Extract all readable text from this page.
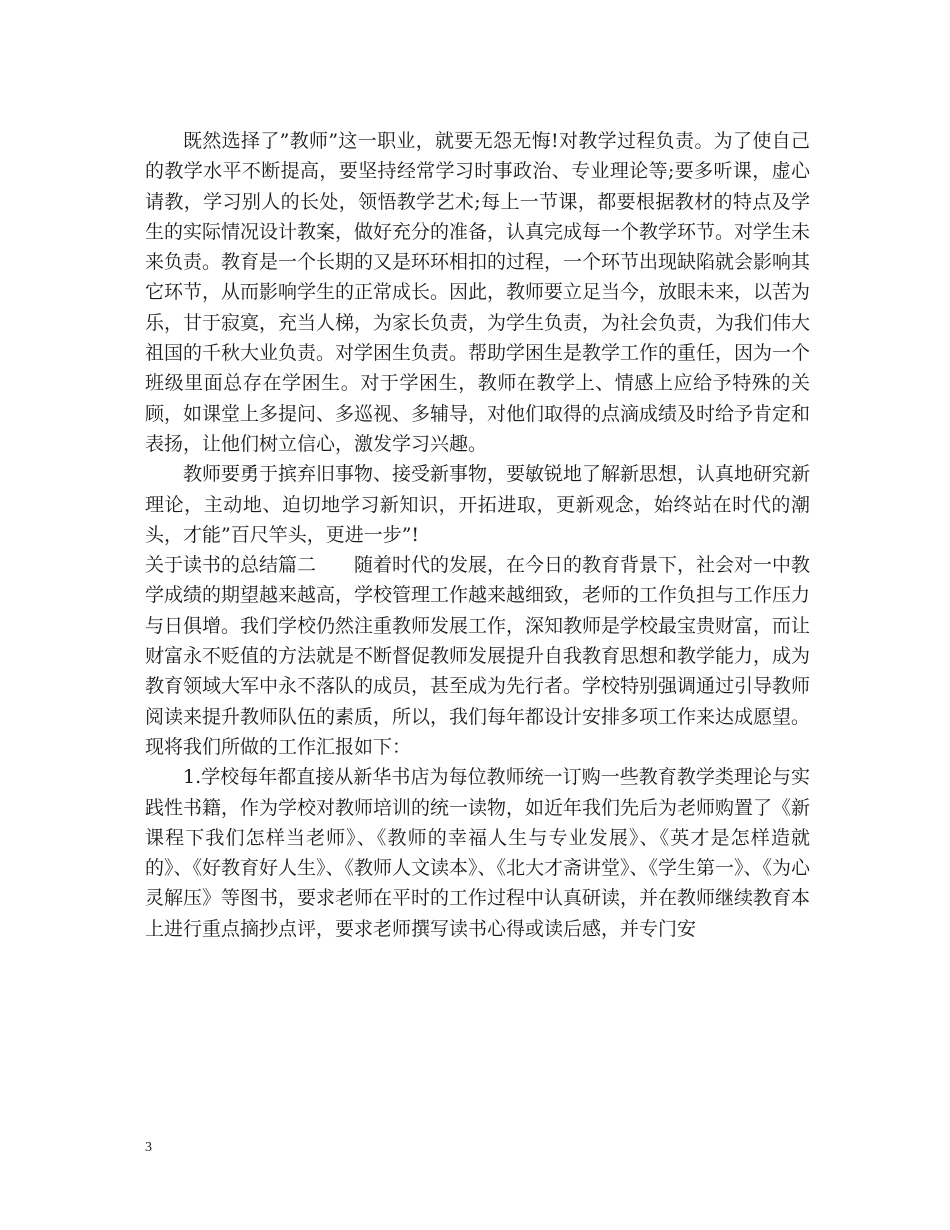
既然选择了”教师”这一职业，就要无怨无悔!对教学过程负责。为了使自己的教学水平不断提高，要坚持经常学习时事政治、专业理论等;要多听课，虚心请教，学习别人的长处，领悟教学艺术;每上一节课，都要根据教材的特点及学生的实际情况设计教案，做好充分的准备，认真完成每一个教学环节。对学生未来负责。教育是一个长期的又是环环相扣的过程，一个环节出现缺陷就会影响其它环节，从而影响学生的正常成长。因此，教师要立足当今，放眼未来，以苦为乐，甘于寂寞，充当人梯，为家长负责，为学生负责，为社会负责，为我们伟大祖国的千秋大业负责。对学困生负责。帮助学困生是教学工作的重任，因为一个班级里面总存在学困生。对于学困生，教师在教学上、情感上应给予特殊的关顾，如课堂上多提问、多巡视、多辅导，对他们取得的点滴成绩及时给予肯定和表扬，让他们树立信心，激发学习兴趣。

教师要勇于摈弃旧事物、接受新事物，要敏锐地了解新思想，认真地研究新理论，主动地、迫切地学习新知识，开拓进取，更新观念，始终站在时代的潮头，才能”百尺竿头，更进一步”!

关于读书的总结篇二　　随着时代的发展，在今日的教育背景下，社会对一中教学成绩的期望越来越高，学校管理工作越来越细致，老师的工作负担与工作压力与日俱增。我们学校仍然注重教师发展工作，深知教师是学校最宝贵财富，而让财富永不贬值的方法就是不断督促教师发展提升自我教育思想和教学能力，成为教育领域大军中永不落队的成员，甚至成为先行者。学校特别强调通过引导教师阅读来提升教师队伍的素质，所以，我们每年都设计安排多项工作来达成愿望。现将我们所做的工作汇报如下：

1.学校每年都直接从新华书店为每位教师统一订购一些教育教学类理论与实践性书籍，作为学校对教师培训的统一读物，如近年我们先后为老师购置了《新课程下我们怎样当老师》、《教师的幸福人生与专业发展》、《英才是怎样造就的》、《好教育好人生》、《教师人文读本》、《北大才斋讲堂》、《学生第一》、《为心灵解压》等图书，要求老师在平时的工作过程中认真研读，并在教师继续教育本上进行重点摘抄点评，要求老师撰写读书心得或读后感，并专门安

3
